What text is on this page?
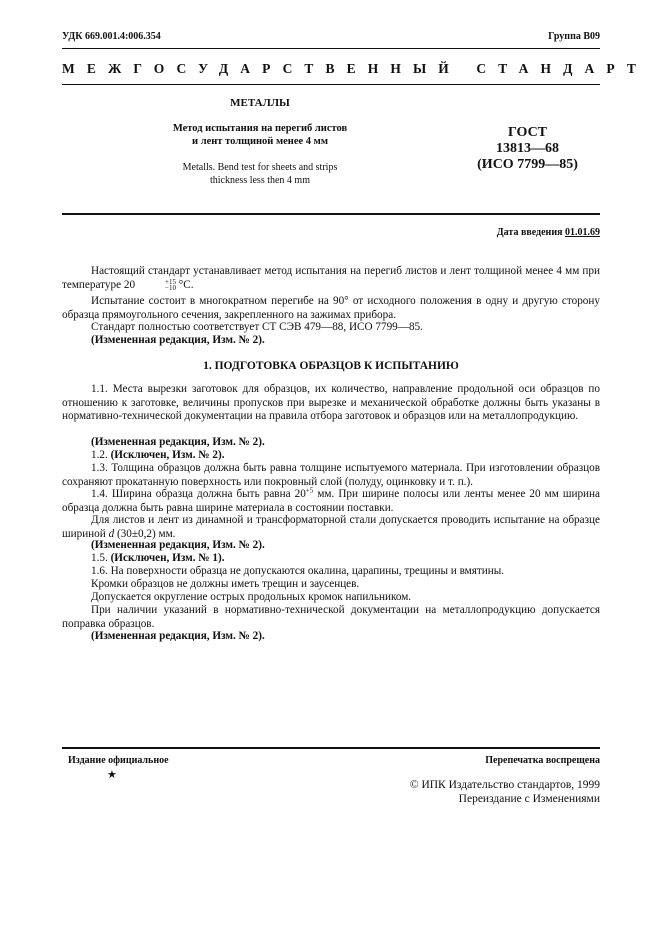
УДК 669.001.4:006.354	Группа В09
МЕЖГОСУДАРСТВЕННЫЙ СТАНДАРТ
МЕТАЛЛЫ
Метод испытания на перегиб листов
и лент толщиной менее 4 мм
Metalls. Bend test for sheets and strips
thickness less then 4 mm
ГОСТ
13813—68
(ИСО 7799—85)
Дата введения 01.01.69

Настоящий стандарт устанавливает метод испытания на перегиб листов и лент толщиной менее 4 мм при температуре 20	+15
−10 °С.

Испытание состоит в многократном перегибе на 90° от исходного положения в одну и другую сторону образца прямоугольного сечения, закрепленного на зажимах прибора.

Стандарт полностью соответствует СТ СЭВ 479—88, ИСО 7799—85.

(Измененная редакция, Изм. № 2).

1. ПОДГОТОВКА ОБРАЗЦОВ К ИСПЫТАНИЮ

1.1. Места вырезки заготовок для образцов, их количество, направление продольной оси образцов по отношению к заготовке, величины пропусков при вырезке и механической обработке должны быть указаны в нормативно-технической документации на правила отбора заготовок и образцов или на металлопродукцию.

(Измененная редакция, Изм. № 2).

1.2. (Исключен, Изм. № 2).

1.3. Толщина образцов должна быть равна толщине испытуемого материала. При изготовлении образцов сохраняют прокатанную поверхность или покровный слой (полуду, оцинковку и т. п.).

1.4. Ширина образца должна быть равна $20^{+5}$ мм. При ширине полосы или ленты менее 20 мм ширина образца должна быть равна ширине материала в состоянии поставки.

Для листов и лент из динамной и трансформаторной стали допускается проводить испытание на образце шириной d (30±0,2) мм.

(Измененная редакция, Изм. № 2).

1.5. (Исключен, Изм. № 1).

1.6. На поверхности образца не допускаются окалина, царапины, трещины и вмятины.

Кромки образцов не должны иметь трещин и заусенцев.

Допускается округление острых продольных кромок напильником.

При наличии указаний в нормативно-технической документации на металлопродукцию допускается поправка образцов.

(Измененная редакция, Изм. № 2).

Издание официальное	Перепечатка воспрещена
★
© ИПК Издательство стандартов, 1999
Переиздание с Изменениями
